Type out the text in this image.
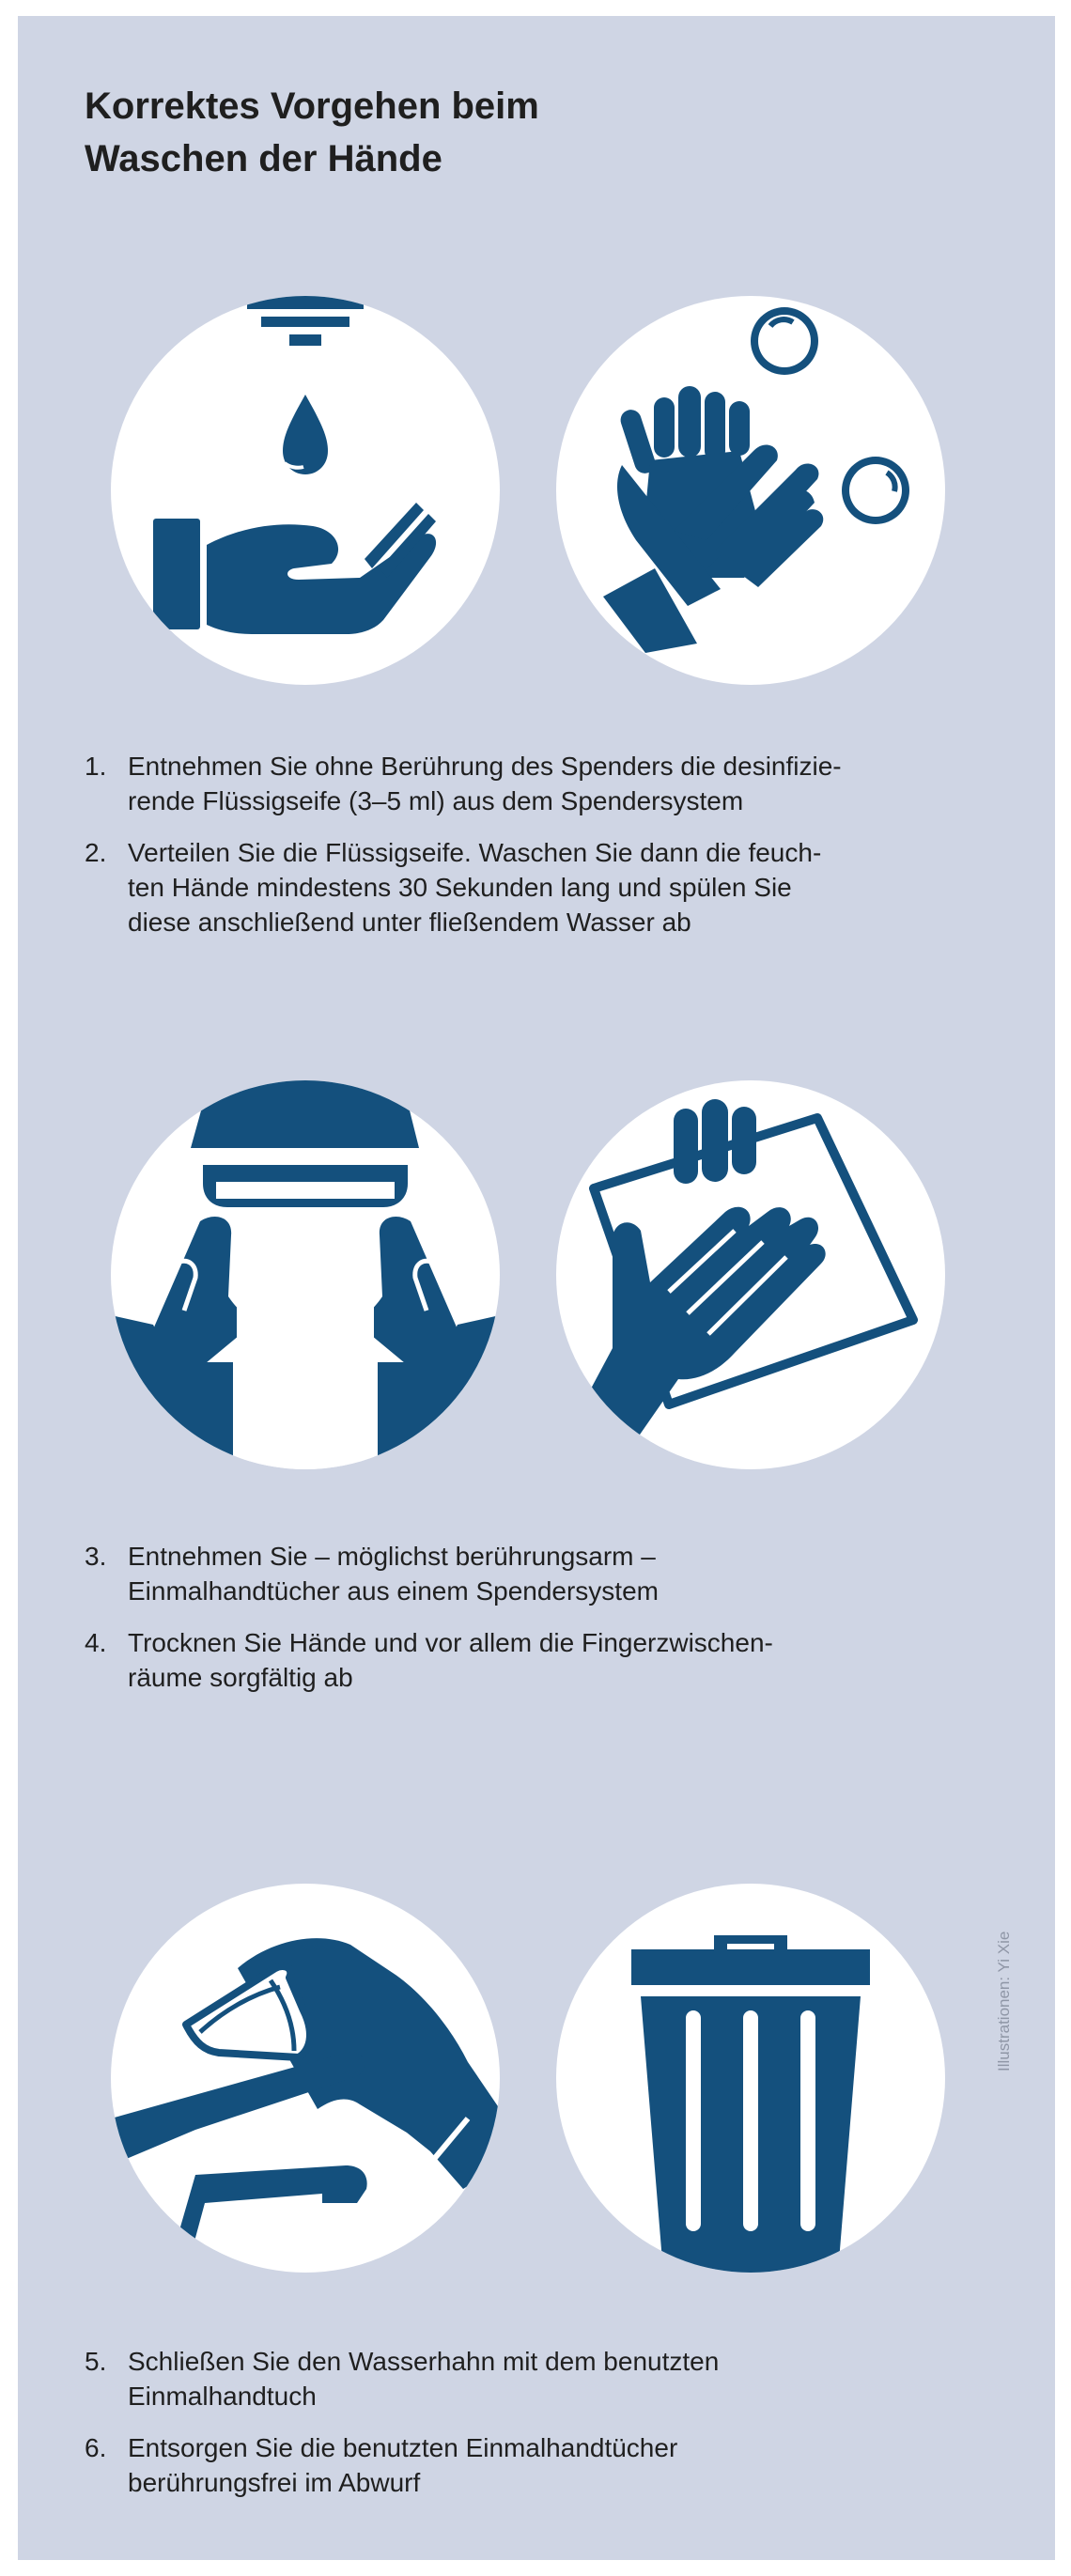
Korrektes Vorgehen beim
Waschen der Hände
1. Entnehmen Sie ohne Berührung des Spenders die desinfizie-
rende Flüssigseife (3–5 ml) aus dem Spendersystem
2. Verteilen Sie die Flüssigseife. Waschen Sie dann die feuch-
ten Hände mindestens 30 Sekunden lang und spülen Sie
diese anschließend unter fließendem Wasser ab
3. Entnehmen Sie – möglichst berührungsarm –
Einmalhandtücher aus einem Spendersystem
4. Trocknen Sie Hände und vor allem die Fingerzwischen-
räume sorgfältig ab
5. Schließen Sie den Wasserhahn mit dem benutzten
Einmalhandtuch
6. Entsorgen Sie die benutzten Einmalhandtücher
berührungsfrei im Abwurf
Illustrationen: Yi Xie
